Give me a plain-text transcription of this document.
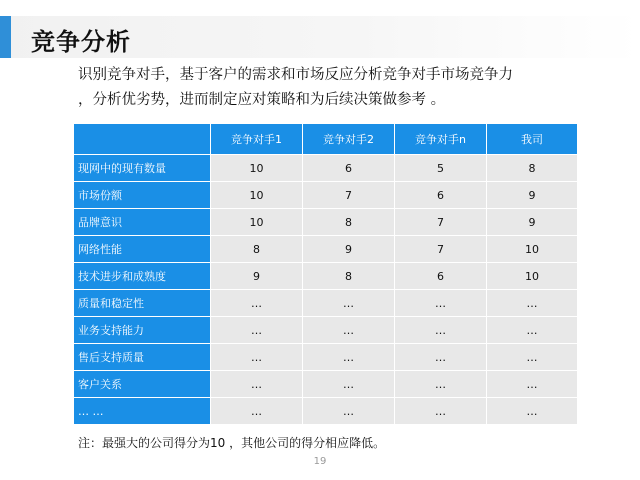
竞争分析
识别竞争对手，基于客户的需求和市场反应分析竞争对手市场竞争力
，分析优劣势，进而制定应对策略和为后续决策做参考 。
	竞争对手1	竞争对手2	竞争对手n	我司
现网中的现有数量	10	6	5	8
市场份额	10	7	6	9
品牌意识	10	8	7	9
网络性能	8	9	7	10
技术进步和成熟度	9	8	6	10
质量和稳定性	…	…	…	…
业务支持能力	…	…	…	…
售后支持质量	…	…	…	…
客户关系	…	…	…	…
… …	…	…	…	…
注：最强大的公司得分为10 ，其他公司的得分相应降低。
19
